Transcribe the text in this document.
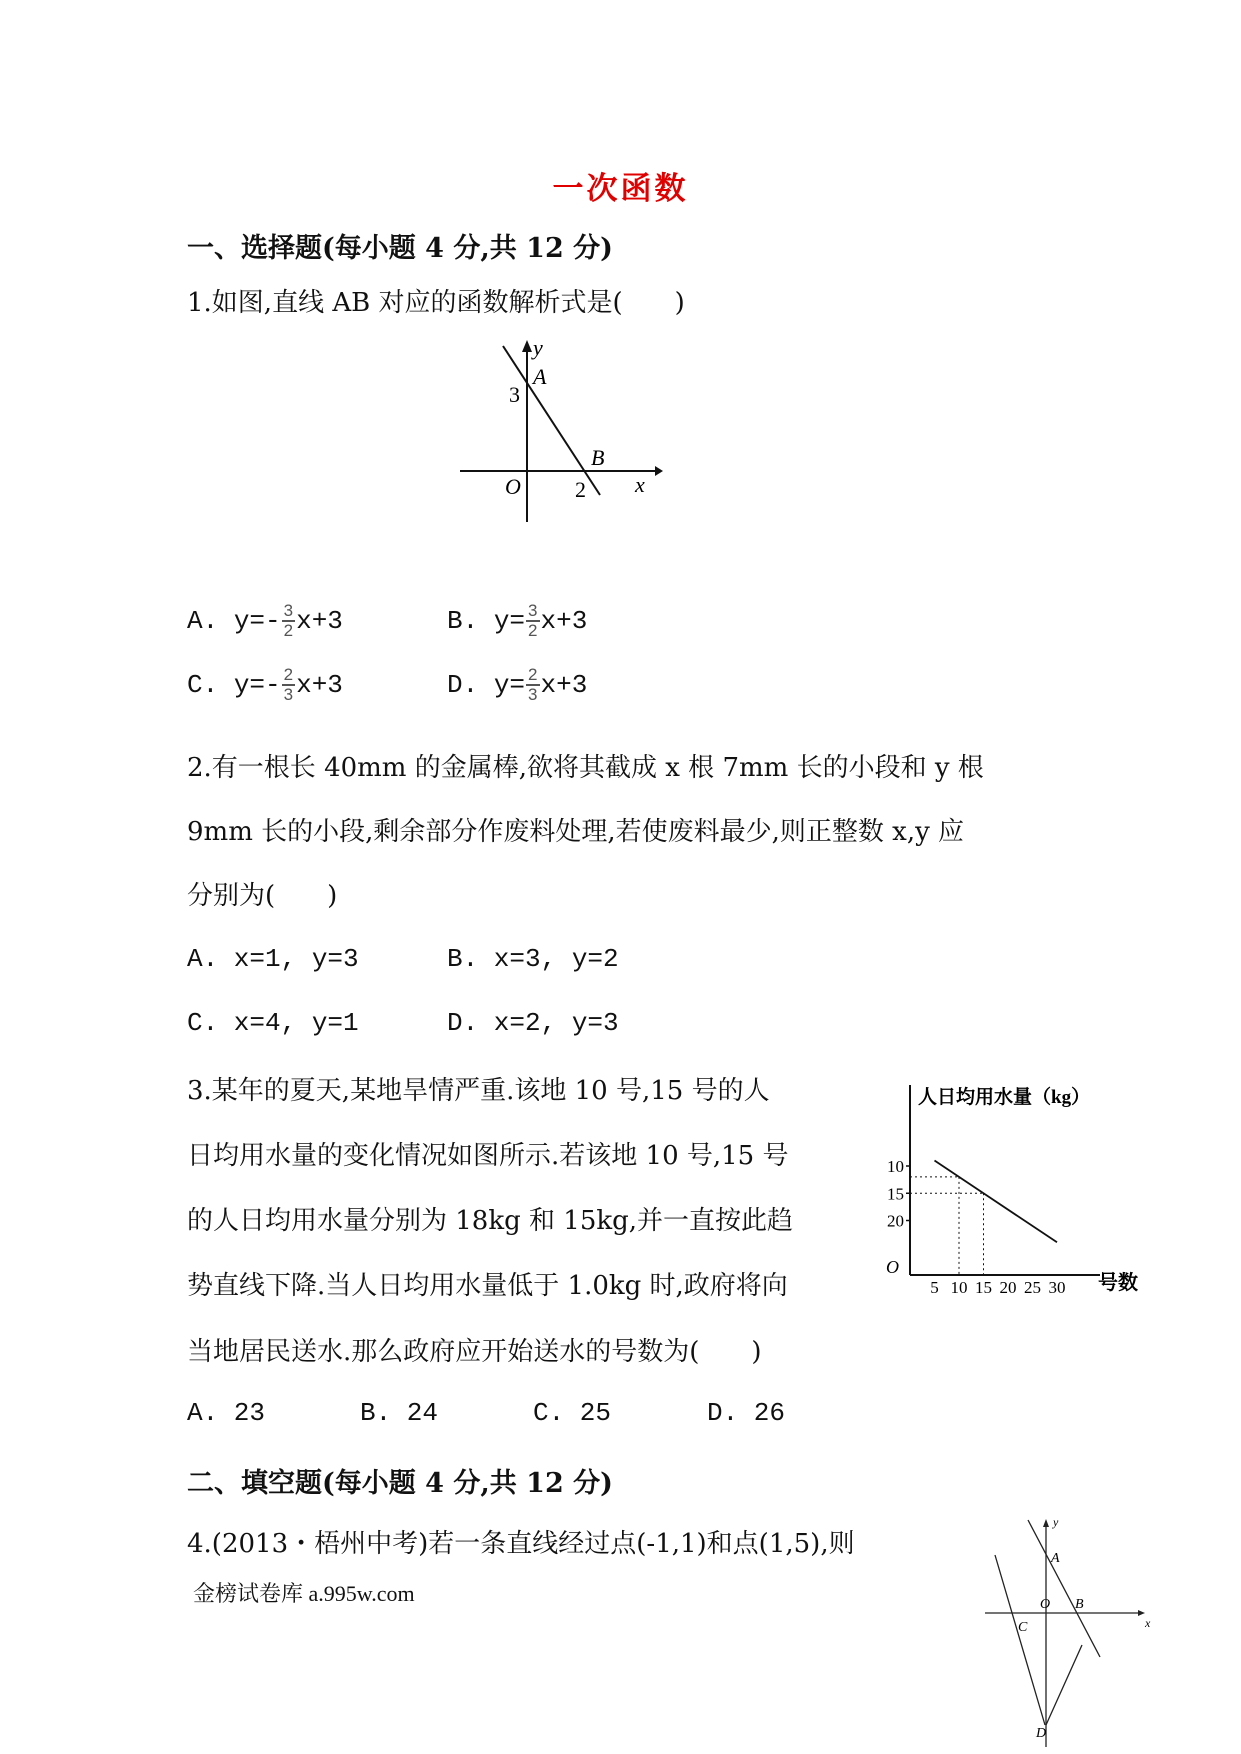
一次函数
一、选择题(每小题 4 分,共 12 分)
1.如图,直线 AB 对应的函数解析式是(　　)
y
x
O
A
B
3
2
A. $y=- \frac{3}{2} x+3$	B. $y= \frac{3}{2} x+3$
C. $y=- \frac{2}{3} x+3$	D. $y= \frac{2}{3} x+3$
2.有一根长 40mm 的金属棒,欲将其截成 x 根 7mm 长的小段和 y 根
9mm 长的小段,剩余部分作废料处理,若使废料最少,则正整数 x,y 应
分别为(　　)
A. x=1, y=3	B. x=3, y=2
C. x=4, y=1	D. x=2, y=3
3.某年的夏天,某地旱情严重.该地 10 号,15 号的人
日均用水量的变化情况如图所示.若该地 10 号,15 号
的人日均用水量分别为 18kg 和 15kg,并一直按此趋
势直线下降.当人日均用水量低于 1.0kg 时,政府将向
当地居民送水.那么政府应开始送水的号数为(　　)
A. 23	B. 24	C. 25	D. 26
人日均用水量（kg）
号数
O
20
15
10
5 10 15 20 25 30
二、填空题(每小题 4 分,共 12 分)
4.(2013・梧州中考)若一条直线经过点(-1,1)和点(1,5),则
y
x
O
A
B
C
D
金榜试卷库 a.995w.com
